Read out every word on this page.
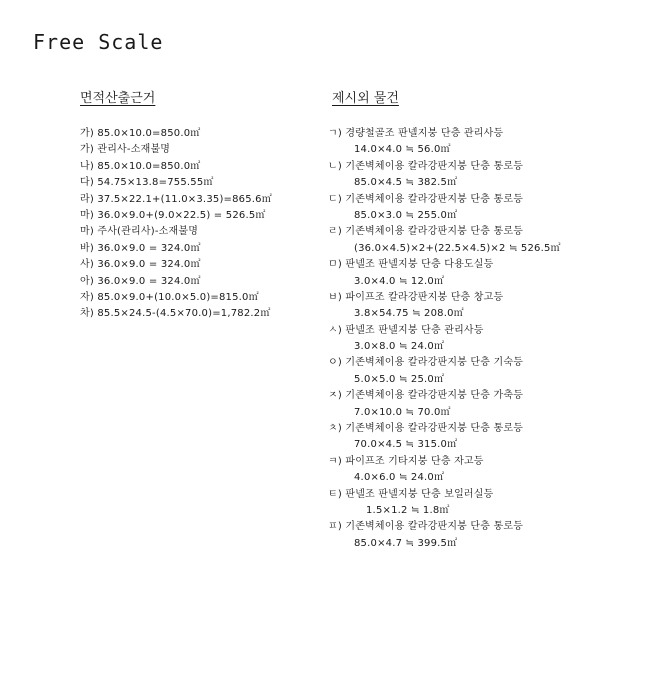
Free Scale
면적산출근거
가) 85.0×10.0=850.0㎡
가) 관리사-소재불명
나) 85.0×10.0=850.0㎡
다) 54.75×13.8=755.55㎡
라) 37.5×22.1+(11.0×3.35)=865.6㎡
마) 36.0×9.0+(9.0×22.5) = 526.5㎡
마) 주사(관리사)-소재불명
바) 36.0×9.0 = 324.0㎡
사) 36.0×9.0 = 324.0㎡
아) 36.0×9.0 = 324.0㎡
자) 85.0×9.0+(10.0×5.0)=815.0㎡
차) 85.5×24.5-(4.5×70.0)=1,782.2㎡
제시외 물건
ㄱ) 경량철골조 판넬지붕 단층 관리사등
14.0×4.0 ≒ 56.0㎡
ㄴ) 기존벽체이용 칼라강판지붕 단층 통로등
85.0×4.5 ≒ 382.5㎡
ㄷ) 기존벽체이용 칼라강판지붕 단층 통로등
85.0×3.0 ≒ 255.0㎡
ㄹ) 기존벽체이용 칼라강판지붕 단층 통로등
(36.0×4.5)×2+(22.5×4.5)×2 ≒ 526.5㎡
ㅁ) 판넬조 판넬지붕 단층 다용도실등
3.0×4.0 ≒ 12.0㎡
ㅂ) 파이프조 칼라강판지붕 단층 창고등
3.8×54.75 ≒ 208.0㎡
ㅅ) 판넬조 판넬지붕 단층 관리사등
3.0×8.0 ≒ 24.0㎡
ㅇ) 기존벽체이용 칼라강판지붕 단층 기숙등
5.0×5.0 ≒ 25.0㎡
ㅈ) 기존벽체이용 칼라강판지붕 단층 가축등
7.0×10.0 ≒ 70.0㎡
ㅊ) 기존벽체이용 칼라강판지붕 단층 통로등
70.0×4.5 ≒ 315.0㎡
ㅋ) 파이프조 기타지붕 단층 자고등
4.0×6.0 ≒ 24.0㎡
ㅌ) 판넬조 판넬지붕 단층 보일러실등
1.5×1.2 ≒ 1.8㎡
ㅍ) 기존벽체이용 칼라강판지붕 단층 통로등
85.0×4.7 ≒ 399.5㎡
